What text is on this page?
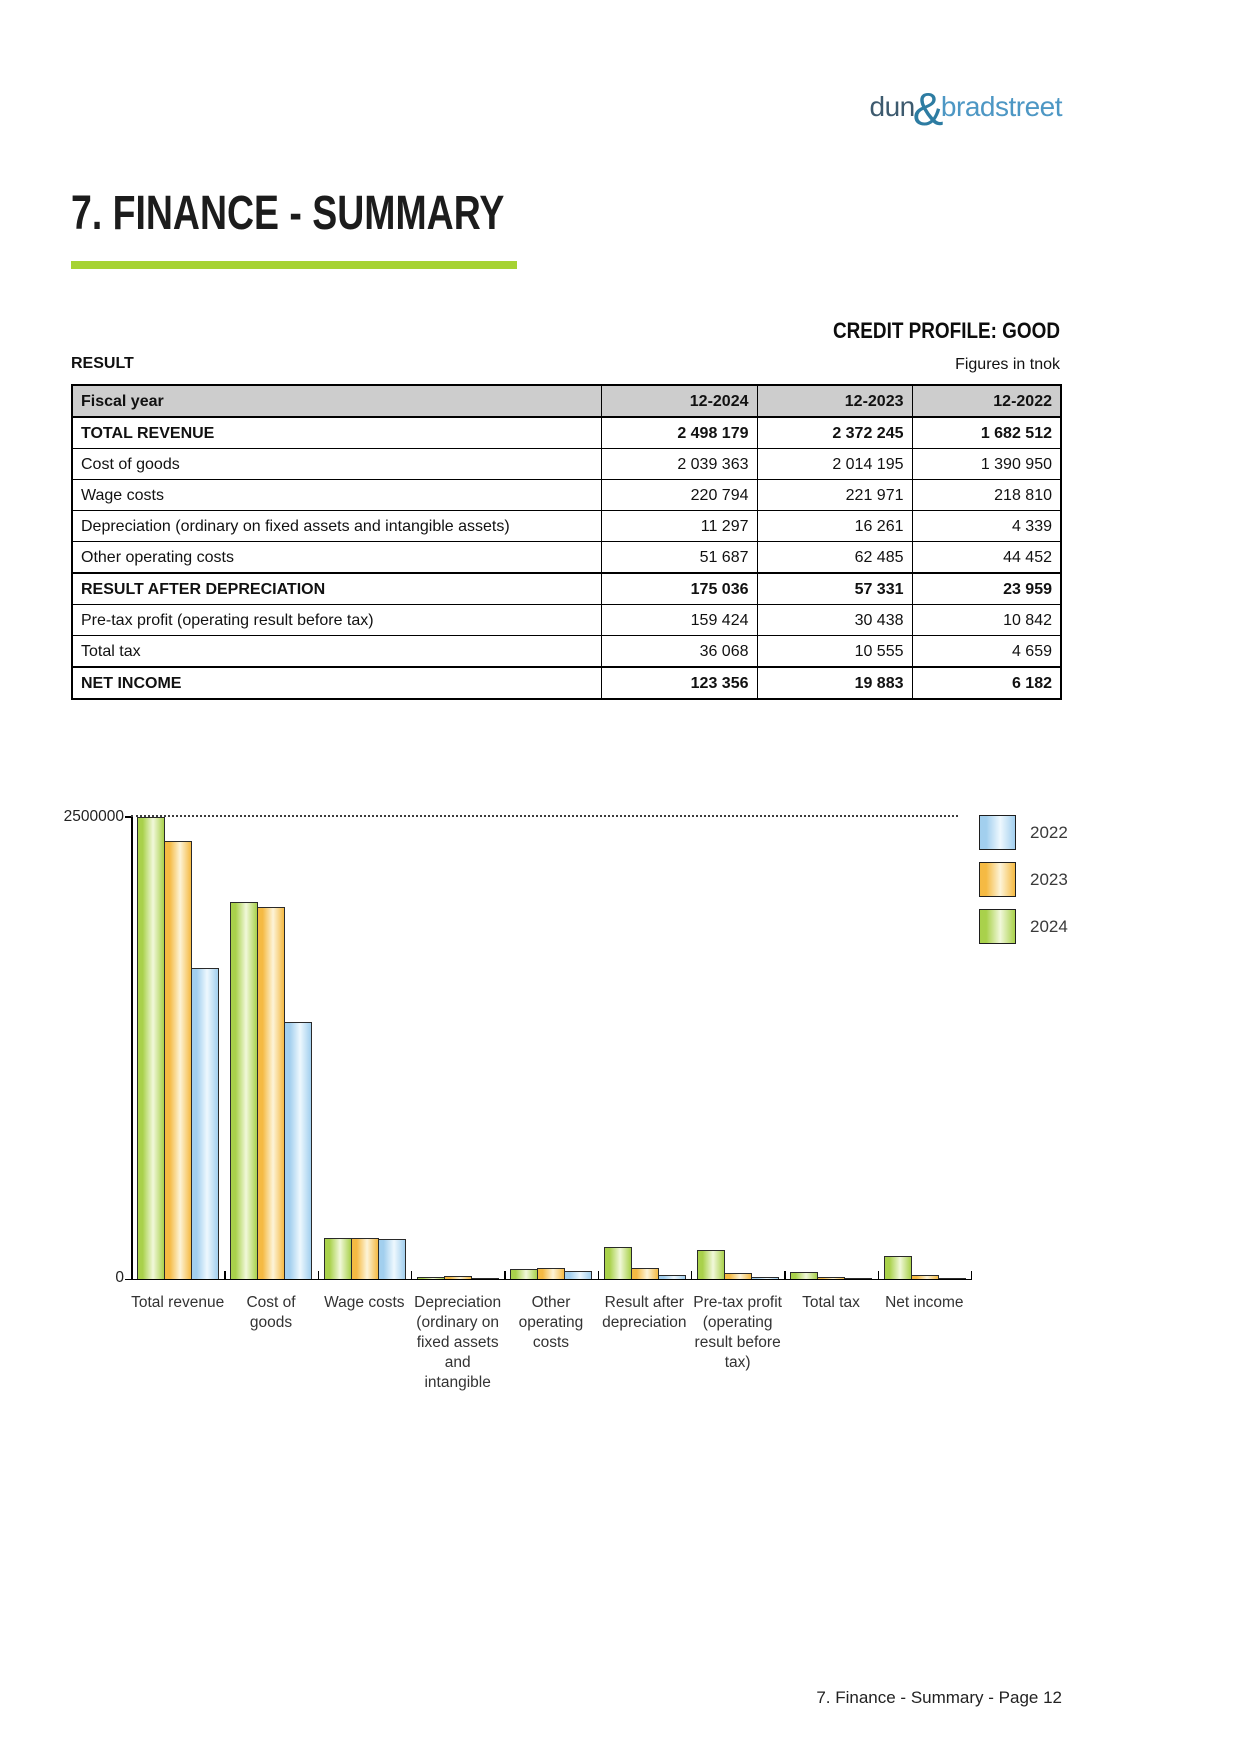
dun&bradstreet
7. FINANCE - SUMMARY
CREDIT PROFILE: GOOD
RESULT	Figures in tnok
Fiscal year	12-2024	12-2023	12-2022
TOTAL REVENUE	2 498 179	2 372 245	1 682 512
Cost of goods	2 039 363	2 014 195	1 390 950
Wage costs	220 794	221 971	218 810
Depreciation (ordinary on fixed assets and intangible assets)	11 297	16 261	4 339
Other operating costs	51 687	62 485	44 452
RESULT AFTER DEPRECIATION	175 036	57 331	23 959
Pre-tax profit (operating result before tax)	159 424	30 438	10 842
Total tax	36 068	10 555	4 659
NET INCOME	123 356	19 883	6 182
2500000
0
Total revenue	Cost of goods
Wage costs Depreciation
(ordinary on
fixed assets
and intangible
Other
operating
costs
Result after
depreciation
Pre-tax profit
(operating
result before
tax)
Total tax	Net income
2022
2023
2024
7. Finance - Summary - Page 12
